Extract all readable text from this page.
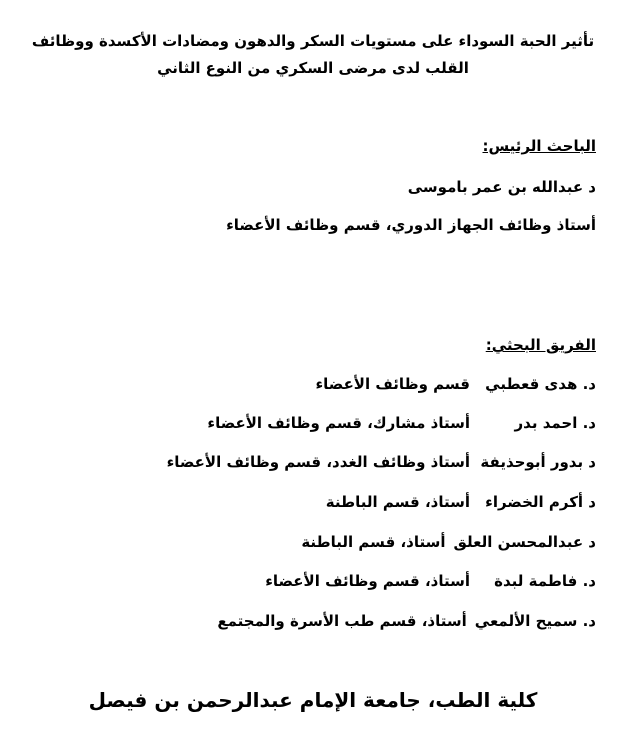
تأثير الحبة السوداء على مستويات السكر والدهون ومضادات الأكسدة ووظائف
القلب لدى مرضى السكري من النوع الثاني
الباحث الرئيس:
د عبدالله بن عمر باموسى
أستاذ وظائف الجهاز الدوري، قسم وظائف الأعضاء
الفريق البحثي:
د. هدى قعطبيقسم وظائف الأعضاء
د. احمد بدرأستاذ مشارك، قسم وظائف الأعضاء
د بدور أبوحذيفةأستاذ وظائف الغدد، قسم وظائف الأعضاء
د أكرم الخضراءأستاذ، قسم الباطنة
د عبدالمحسن العلقأستاذ، قسم الباطنة
د. فاطمة لبدةأستاذ، قسم وظائف الأعضاء
د. سميح الألمعيأستاذ، قسم طب الأسرة والمجتمع
كلية الطب، جامعة الإمام عبدالرحمن بن فيصل
